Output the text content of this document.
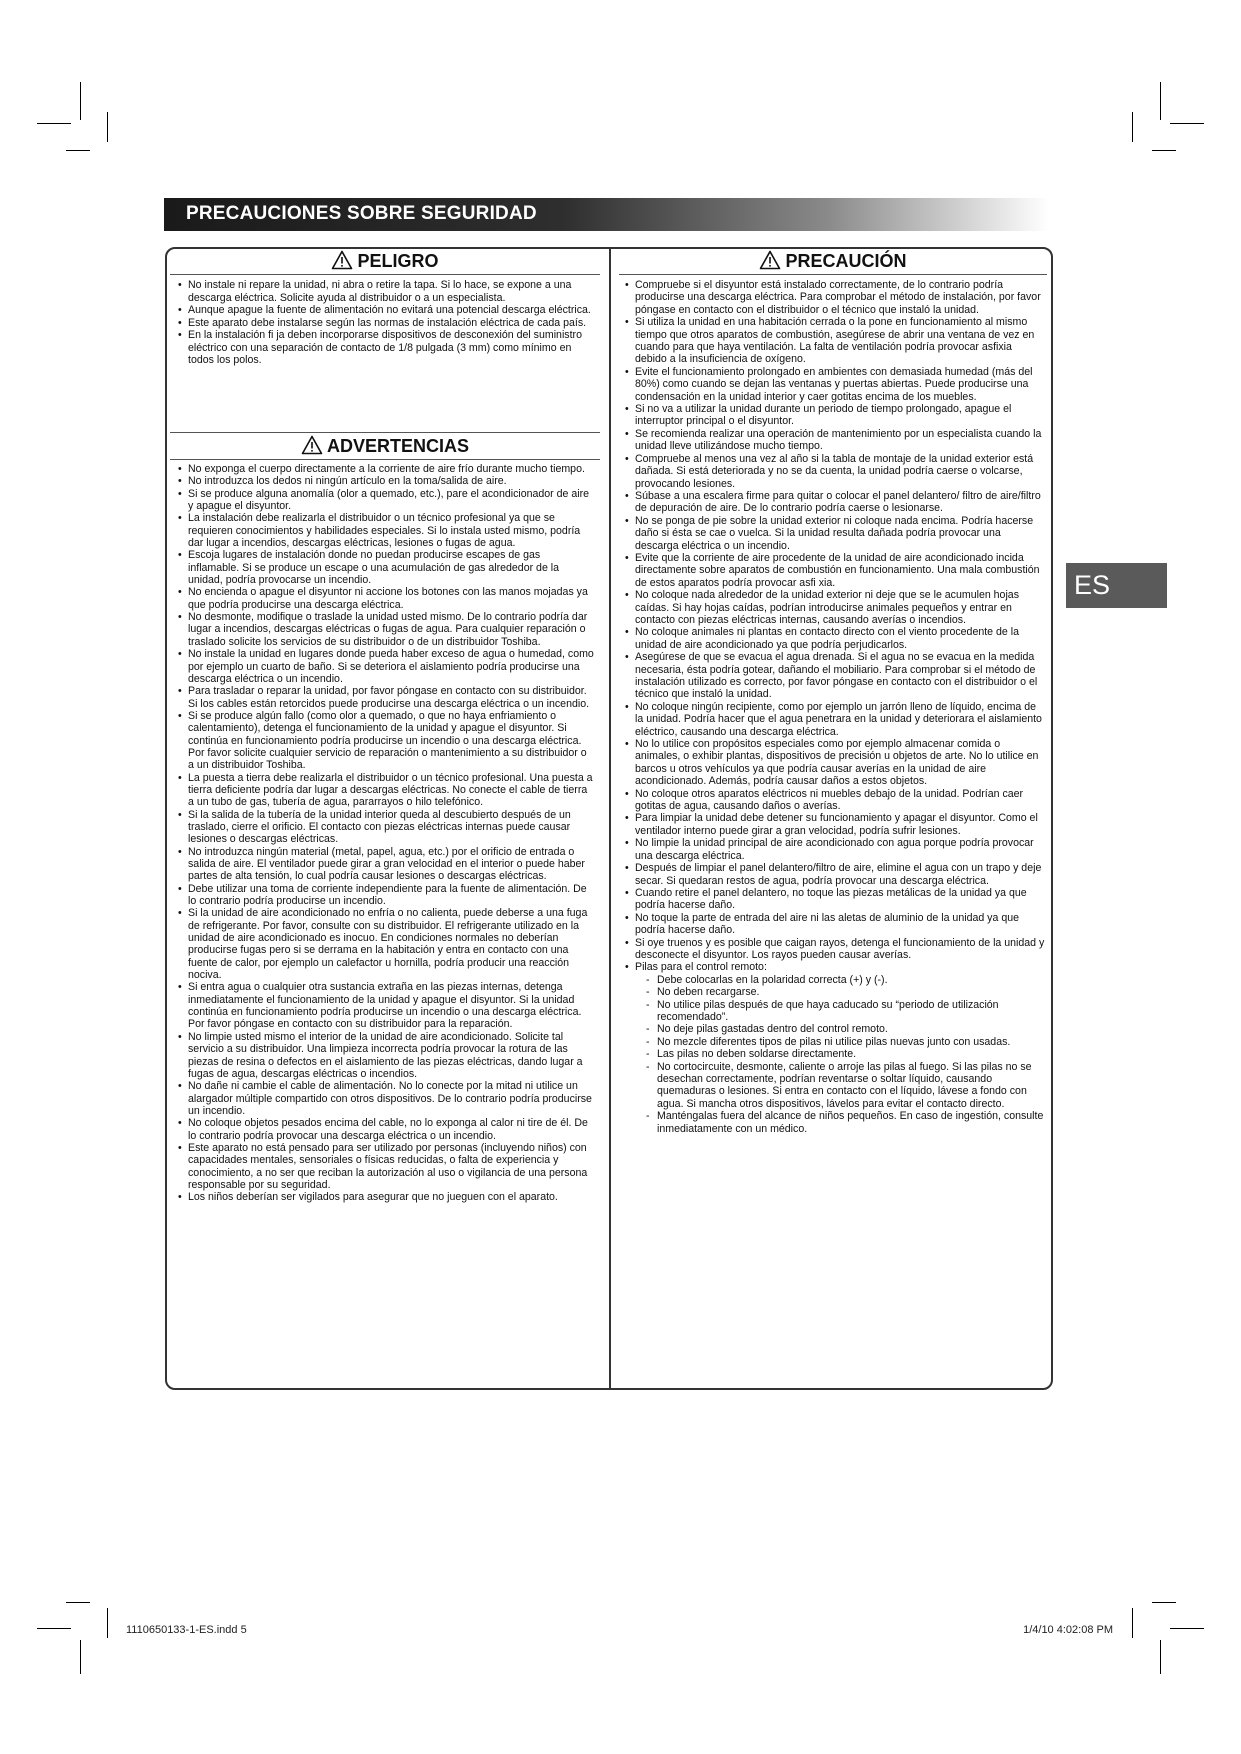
PRECAUCIONES SOBRE SEGURIDAD
PELIGRO
• No instale ni repare la unidad, ni abra o retire la tapa. Si lo hace, se expone a una descarga eléctrica. Solicite ayuda al distribuidor o a un especialista.
• Aunque apague la fuente de alimentación no evitará una potencial descarga eléctrica.
• Este aparato debe instalarse según las normas de instalación eléctrica de cada país.
• En la instalación fi ja deben incorporarse dispositivos de desconexión del suministro eléctrico con una separación de contacto de 1/8 pulgada (3 mm) como mínimo en todos los polos.
ADVERTENCIAS
• No exponga el cuerpo directamente a la corriente de aire frío durante mucho tiempo.
• No introduzca los dedos ni ningún artículo en la toma/salida de aire.
• Si se produce alguna anomalía (olor a quemado, etc.), pare el acondicionador de aire y apague el disyuntor.
• La instalación debe realizarla el distribuidor o un técnico profesional ya que se requieren conocimientos y habilidades especiales. Si lo instala usted mismo, podría dar lugar a incendios, descargas eléctricas, lesiones o fugas de agua.
• Escoja lugares de instalación donde no puedan producirse escapes de gas inflamable. Si se produce un escape o una acumulación de gas alrededor de la unidad, podría provocarse un incendio.
• No encienda o apague el disyuntor ni accione los botones con las manos mojadas ya que podría producirse una descarga eléctrica.
• No desmonte, modifique o traslade la unidad usted mismo. De lo contrario podría dar lugar a incendios, descargas eléctricas o fugas de agua. Para cualquier reparación o traslado solicite los servicios de su distribuidor o de un distribuidor Toshiba.
• No instale la unidad en lugares donde pueda haber exceso de agua o humedad, como por ejemplo un cuarto de baño. Si se deteriora el aislamiento podría producirse una descarga eléctrica o un incendio.
• Para trasladar o reparar la unidad, por favor póngase en contacto con su distribuidor. Si los cables están retorcidos puede producirse una descarga eléctrica o un incendio.
• Si se produce algún fallo (como olor a quemado, o que no haya enfriamiento o calentamiento), detenga el funcionamiento de la unidad y apague el disyuntor. Si continúa en funcionamiento podría producirse un incendio o una descarga eléctrica. Por favor solicite cualquier servicio de reparación o mantenimiento a su distribuidor o a un distribuidor Toshiba.
• La puesta a tierra debe realizarla el distribuidor o un técnico profesional. Una puesta a tierra deficiente podría dar lugar a descargas eléctricas. No conecte el cable de tierra a un tubo de gas, tubería de agua, pararrayos o hilo telefónico.
• Si la salida de la tubería de la unidad interior queda al descubierto después de un traslado, cierre el orificio. El contacto con piezas eléctricas internas puede causar lesiones o descargas eléctricas.
• No introduzca ningún material (metal, papel, agua, etc.) por el orificio de entrada o salida de aire. El ventilador puede girar a gran velocidad en el interior o puede haber partes de alta tensión, lo cual podría causar lesiones o descargas eléctricas.
• Debe utilizar una toma de corriente independiente para la fuente de alimentación. De lo contrario podría producirse un incendio.
• Si la unidad de aire acondicionado no enfría o no calienta, puede deberse a una fuga de refrigerante. Por favor, consulte con su distribuidor. El refrigerante utilizado en la unidad de aire acondicionado es inocuo. En condiciones normales no deberían producirse fugas pero si se derrama en la habitación y entra en contacto con una fuente de calor, por ejemplo un calefactor u hornilla, podría producir una reacción nociva.
• Si entra agua o cualquier otra sustancia extraña en las piezas internas, detenga inmediatamente el funcionamiento de la unidad y apague el disyuntor. Si la unidad continúa en funcionamiento podría producirse un incendio o una descarga eléctrica. Por favor póngase en contacto con su distribuidor para la reparación.
• No limpie usted mismo el interior de la unidad de aire acondicionado. Solicite tal servicio a su distribuidor. Una limpieza incorrecta podría provocar la rotura de las piezas de resina o defectos en el aislamiento de las piezas eléctricas, dando lugar a fugas de agua, descargas eléctricas o incendios.
• No dañe ni cambie el cable de alimentación. No lo conecte por la mitad ni utilice un alargador múltiple compartido con otros dispositivos. De lo contrario podría producirse un incendio.
• No coloque objetos pesados encima del cable, no lo exponga al calor ni tire de él. De lo contrario podría provocar una descarga eléctrica o un incendio.
• Este aparato no está pensado para ser utilizado por personas (incluyendo niños) con capacidades mentales, sensoriales o físicas reducidas, o falta de experiencia y conocimiento, a no ser que reciban la autorización al uso o vigilancia de una persona responsable por su seguridad.
• Los niños deberían ser vigilados para asegurar que no jueguen con el aparato.
PRECAUCIÓN
• Compruebe si el disyuntor está instalado correctamente, de lo contrario podría producirse una descarga eléctrica. Para comprobar el método de instalación, por favor póngase en contacto con el distribuidor o el técnico que instaló la unidad.
• Si utiliza la unidad en una habitación cerrada o la pone en funcionamiento al mismo tiempo que otros aparatos de combustión, asegúrese de abrir una ventana de vez en cuando para que haya ventilación. La falta de ventilación podría provocar asfixia debido a la insuficiencia de oxígeno.
• Evite el funcionamiento prolongado en ambientes con demasiada humedad (más del 80%) como cuando se dejan las ventanas y puertas abiertas. Puede producirse una condensación en la unidad interior y caer gotitas encima de los muebles.
• Si no va a utilizar la unidad durante un periodo de tiempo prolongado, apague el interruptor principal o el disyuntor.
• Se recomienda realizar una operación de mantenimiento por un especialista cuando la unidad lleve utilizándose mucho tiempo.
• Compruebe al menos una vez al año si la tabla de montaje de la unidad exterior está dañada. Si está deteriorada y no se da cuenta, la unidad podría caerse o volcarse, provocando lesiones.
• Súbase a una escalera firme para quitar o colocar el panel delantero/ filtro de aire/filtro de depuración de aire. De lo contrario podría caerse o lesionarse.
• No se ponga de pie sobre la unidad exterior ni coloque nada encima. Podría hacerse daño si ésta se cae o vuelca. Si la unidad resulta dañada podría provocar una descarga eléctrica o un incendio.
• Evite que la corriente de aire procedente de la unidad de aire acondicionado incida directamente sobre aparatos de combustión en funcionamiento. Una mala combustión de estos aparatos podría provocar asfi xia.
• No coloque nada alrededor de la unidad exterior ni deje que se le acumulen hojas caídas. Si hay hojas caídas, podrían introducirse animales pequeños y entrar en contacto con piezas eléctricas internas, causando averías o incendios.
• No coloque animales ni plantas en contacto directo con el viento procedente de la unidad de aire acondicionado ya que podría perjudicarlos.
• Asegúrese de que se evacua el agua drenada. Si el agua no se evacua en la medida necesaria, ésta podría gotear, dañando el mobiliario. Para comprobar si el método de instalación utilizado es correcto, por favor póngase en contacto con el distribuidor o el técnico que instaló la unidad.
• No coloque ningún recipiente, como por ejemplo un jarrón lleno de líquido, encima de la unidad. Podría hacer que el agua penetrara en la unidad y deteriorara el aislamiento eléctrico, causando una descarga eléctrica.
• No lo utilice con propósitos especiales como por ejemplo almacenar comida o animales, o exhibir plantas, dispositivos de precisión u objetos de arte. No lo utilice en barcos u otros vehículos ya que podría causar averías en la unidad de aire acondicionado. Además, podría causar daños a estos objetos.
• No coloque otros aparatos eléctricos ni muebles debajo de la unidad. Podrían caer gotitas de agua, causando daños o averías.
• Para limpiar la unidad debe detener su funcionamiento y apagar el disyuntor. Como el ventilador interno puede girar a gran velocidad, podría sufrir lesiones.
• No limpie la unidad principal de aire acondicionado con agua porque podría provocar una descarga eléctrica.
• Después de limpiar el panel delantero/filtro de aire, elimine el agua con un trapo y deje secar. Si quedaran restos de agua, podría provocar una descarga eléctrica.
• Cuando retire el panel delantero, no toque las piezas metálicas de la unidad ya que podría hacerse daño.
• No toque la parte de entrada del aire ni las aletas de aluminio de la unidad ya que podría hacerse daño.
• Si oye truenos y es posible que caigan rayos, detenga el funcionamiento de la unidad y desconecte el disyuntor. Los rayos pueden causar averías.
• Pilas para el control remoto:
- Debe colocarlas en la polaridad correcta (+) y (-).
- No deben recargarse.
- No utilice pilas después de que haya caducado su “periodo de utilización recomendado”.
- No deje pilas gastadas dentro del control remoto.
- No mezcle diferentes tipos de pilas ni utilice pilas nuevas junto con usadas.
- Las pilas no deben soldarse directamente.
- No cortocircuite, desmonte, caliente o arroje las pilas al fuego. Si las pilas no se desechan correctamente, podrían reventarse o soltar líquido, causando quemaduras o lesiones. Si entra en contacto con el líquido, lávese a fondo con agua. Si mancha otros dispositivos, lávelos para evitar el contacto directo.
- Manténgalas fuera del alcance de niños pequeños. En caso de ingestión, consulte inmediatamente con un médico.
ES
1110650133-1-ES.indd 5	1/4/10 4:02:08 PM
